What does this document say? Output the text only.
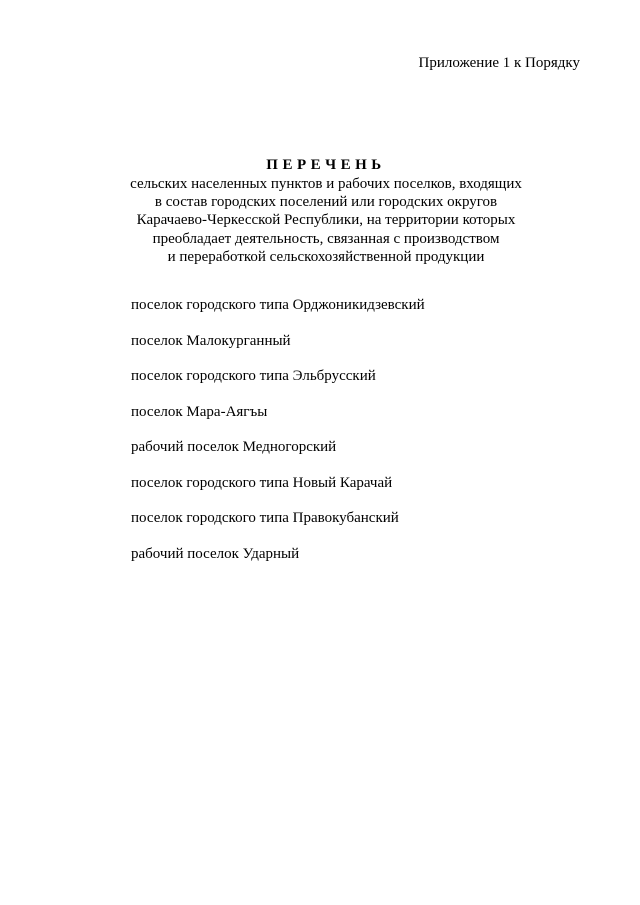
Приложение 1 к Порядку
ПЕРЕЧЕНЬ
сельских населенных пунктов и рабочих поселков, входящих
в состав городских поселений или городских округов
Карачаево-Черкесской Республики, на территории которых
преобладает деятельность, связанная с производством
и переработкой сельскохозяйственной продукции
поселок городского типа Орджоникидзевский
поселок Малокурганный
поселок городского типа Эльбрусский
поселок Мара-Аягъы
рабочий поселок Медногорский
поселок городского типа Новый Карачай
поселок городского типа Правокубанский
рабочий поселок Ударный
